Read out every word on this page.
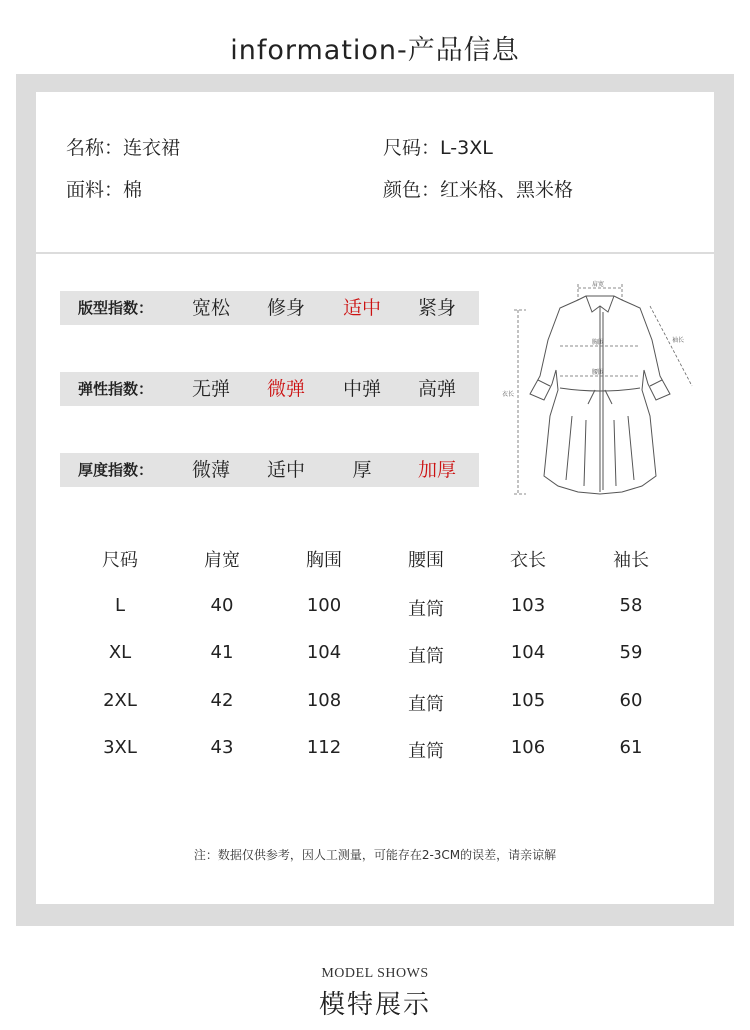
information-产品信息
名称：连衣裙	尺码：L-3XL
面料：棉	颜色：红米格、黑米格
版型指数：	宽松	修身	适中	紧身
弹性指数：	无弹	微弹	中弹	高弹
厚度指数：	微薄	适中	厚	加厚
肩宽
胸围
腰围
衣长
袖长
尺码	肩宽	胸围	腰围	衣长	袖长
L	40	100	直筒	103	58
XL	41	104	直筒	104	59
2XL	42	108	直筒	105	60
3XL	43	112	直筒	106	61
注：数据仅供参考，因人工测量，可能存在2-3CM的误差，请亲谅解
MODEL SHOWS
模特展示
